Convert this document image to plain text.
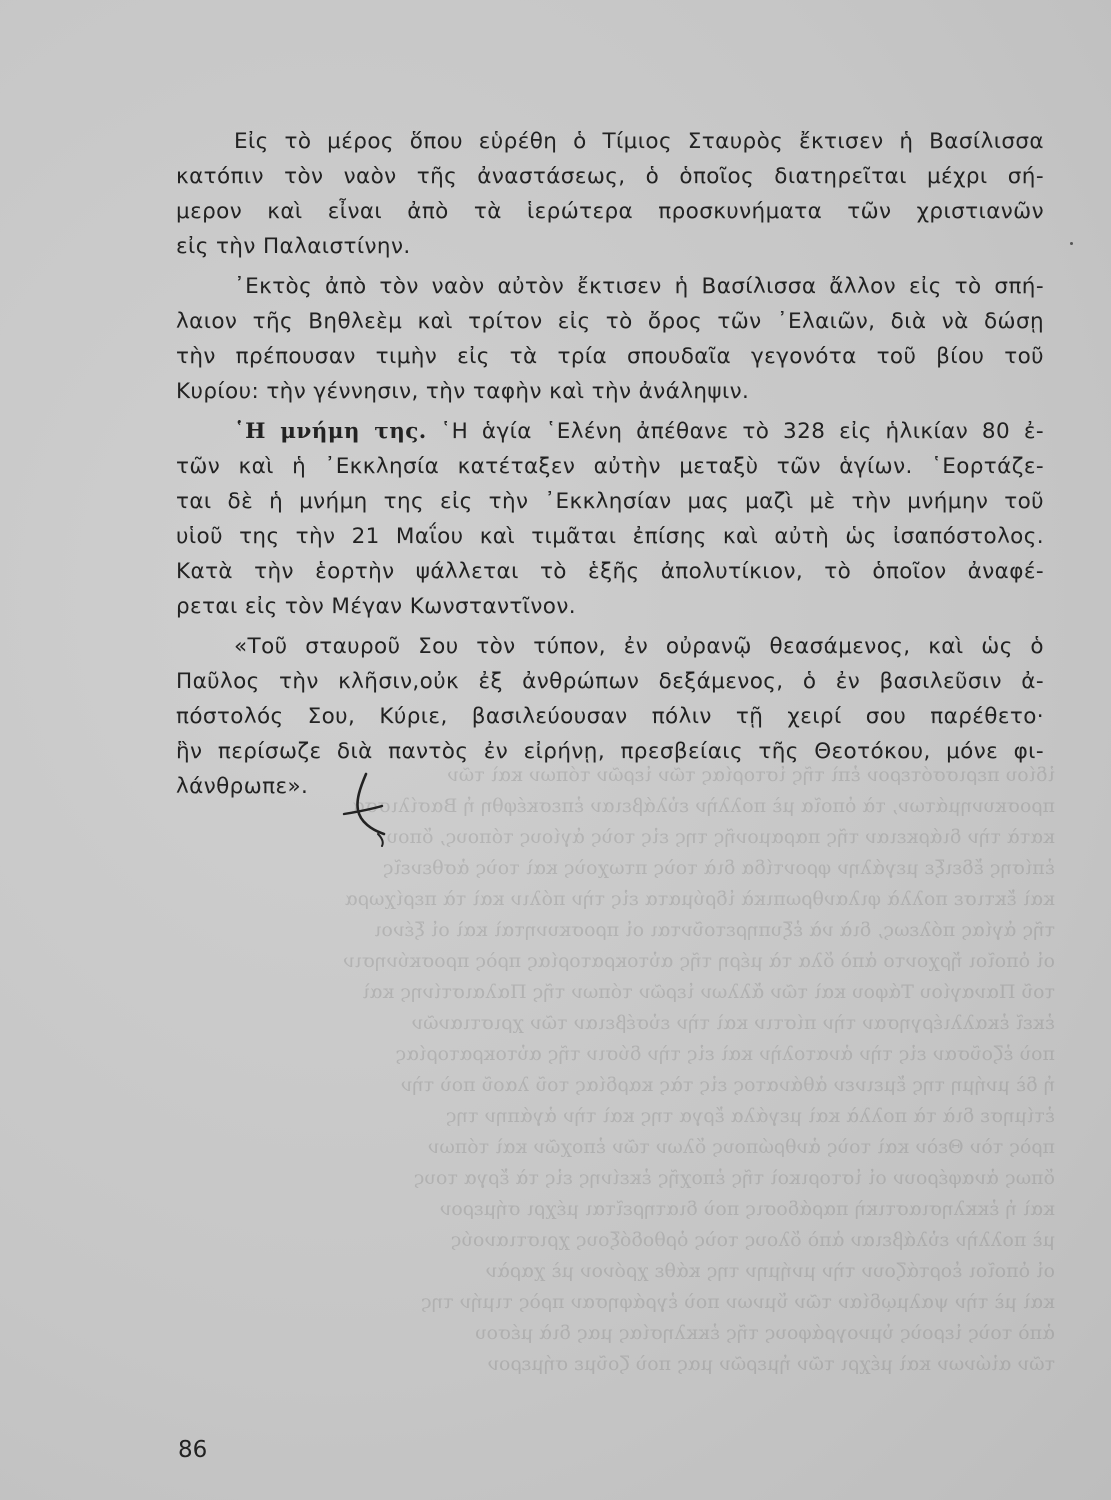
ἰδίου περισσότερον ἐπὶ τῆς ἱστορίας τῶν ἱερῶν τόπων καὶ τῶν
προσκυνημάτων, τὰ ὁποῖα μὲ πολλὴν εὐλάβειαν ἐπεσκέφθη ἡ Βασίλισσα
κατὰ τὴν διάρκειαν τῆς παραμονῆς της εἰς τοὺς ἁγίους τόπους, ὅπου
ἐπίσης ἔδειξε μεγάλην φροντίδα διὰ τοὺς πτωχοὺς καὶ τοὺς ἀσθενεῖς
καὶ ἔκτισε πολλὰ φιλανθρωπικὰ ἱδρύματα εἰς τὴν πόλιν καὶ τὰ περίχωρα
τῆς ἁγίας πόλεως, διὰ νὰ ἐξυπηρετοῦνται οἱ προσκυνηταὶ καὶ οἱ ξένοι
οἱ ὁποῖοι ἤρχοντο ἀπὸ ὅλα τὰ μέρη τῆς αὐτοκρατορίας πρὸς προσκύνησιν
τοῦ Παναγίου Τάφου καὶ τῶν ἄλλων ἱερῶν τόπων τῆς Παλαιστίνης καὶ
ἐκεῖ ἐκαλλιέργησαν τὴν πίστιν καὶ τὴν εὐσέβειαν τῶν χριστιανῶν
ποὺ ἐζοῦσαν εἰς τὴν ἀνατολὴν καὶ εἰς τὴν δύσιν τῆς αὐτοκρατορίας
ἡ δὲ μνήμη της ἔμεινεν ἀθάνατος εἰς τὰς καρδίας τοῦ λαοῦ ποὺ τὴν
ἐτίμησε διὰ τὰ πολλὰ καὶ μεγάλα ἔργα της καὶ τὴν ἀγάπην της
πρὸς τὸν Θεὸν καὶ τοὺς ἀνθρώπους ὅλων τῶν ἐποχῶν καὶ τόπων
ὅπως ἀναφέρουν οἱ ἱστορικοὶ τῆς ἐποχῆς ἐκείνης εἰς τὰ ἔργα τους
καὶ ἡ ἐκκλησιαστικὴ παράδοσις ποὺ διατηρεῖται μέχρι σήμερον
μὲ πολλὴν εὐλάβειαν ἀπὸ ὅλους τοὺς ὀρθοδόξους χριστιανούς
οἱ ὁποῖοι ἑορτάζουν τὴν μνήμην της κάθε χρόνον μὲ χαρὰν
καὶ μὲ τὴν ψαλμῳδίαν τῶν ὕμνων ποὺ ἐγράφησαν πρὸς τιμήν της
ἀπὸ τοὺς ἱεροὺς ὑμνογράφους τῆς ἐκκλησίας μας διὰ μέσου
τῶν αἰώνων καὶ μέχρι τῶν ἡμερῶν μας ποὺ ζοῦμε σήμερον
Εἰς τὸ μέρος ὅπου εὑρέθη ὁ Τίμιος Σταυρὸς ἔκτισεν ἡ Βασίλισσα
κατόπιν τὸν ναὸν τῆς ἀναστάσεως, ὁ ὁποῖος διατηρεῖται μέχρι σή-
μερον καὶ εἶναι ἀπὸ τὰ ἱερώτερα προσκυνήματα τῶν χριστιανῶν
εἰς τὴν Παλαιστίνην.
᾿Εκτὸς ἀπὸ τὸν ναὸν αὐτὸν ἔκτισεν ἡ Βασίλισσα ἄλλον εἰς τὸ σπή-
λαιον τῆς Βηθλεὲμ καὶ τρίτον εἰς τὸ ὄρος τῶν ᾿Ελαιῶν, διὰ νὰ δώσῃ
τὴν πρέπουσαν τιμὴν εἰς τὰ τρία σπουδαῖα γεγονότα τοῦ βίου τοῦ
Κυρίου: τὴν γέννησιν, τὴν ταφὴν καὶ τὴν ἀνάληψιν.
῾Η μνήμη της. ῾Η ἁγία ῾Ελένη ἀπέθανε τὸ 328 εἰς ἡλικίαν 80 ἐ-
τῶν καὶ ἡ ᾿Εκκλησία κατέταξεν αὐτὴν μεταξὺ τῶν ἁγίων. ῾Εορτάζε-
ται δὲ ἡ μνήμη της εἰς τὴν ᾿Εκκλησίαν μας μαζὶ μὲ τὴν μνήμην τοῦ
υἱοῦ της τὴν 21 Μαΐου καὶ τιμᾶται ἐπίσης καὶ αὐτὴ ὡς ἰσαπόστολος.
Κατὰ τὴν ἑορτὴν ψάλλεται τὸ ἑξῆς ἀπολυτίκιον, τὸ ὁποῖον ἀναφέ-
ρεται εἰς τὸν Μέγαν Κωνσταντῖνον.
«Τοῦ σταυροῦ Σου τὸν τύπον, ἐν οὐρανῷ θεασάμενος, καὶ ὡς ὁ
Παῦλος τὴν κλῆσιν,οὐκ ἐξ ἀνθρώπων δεξάμενος, ὁ ἐν βασιλεῦσιν ἀ-
πόστολός Σου, Κύριε, βασιλεύουσαν πόλιν τῇ χειρί σου παρέθετο·
ἣν περίσωζε διὰ παντὸς ἐν εἰρήνῃ, πρεσβείαις τῆς Θεοτόκου, μόνε φι-
λάνθρωπε».
86
